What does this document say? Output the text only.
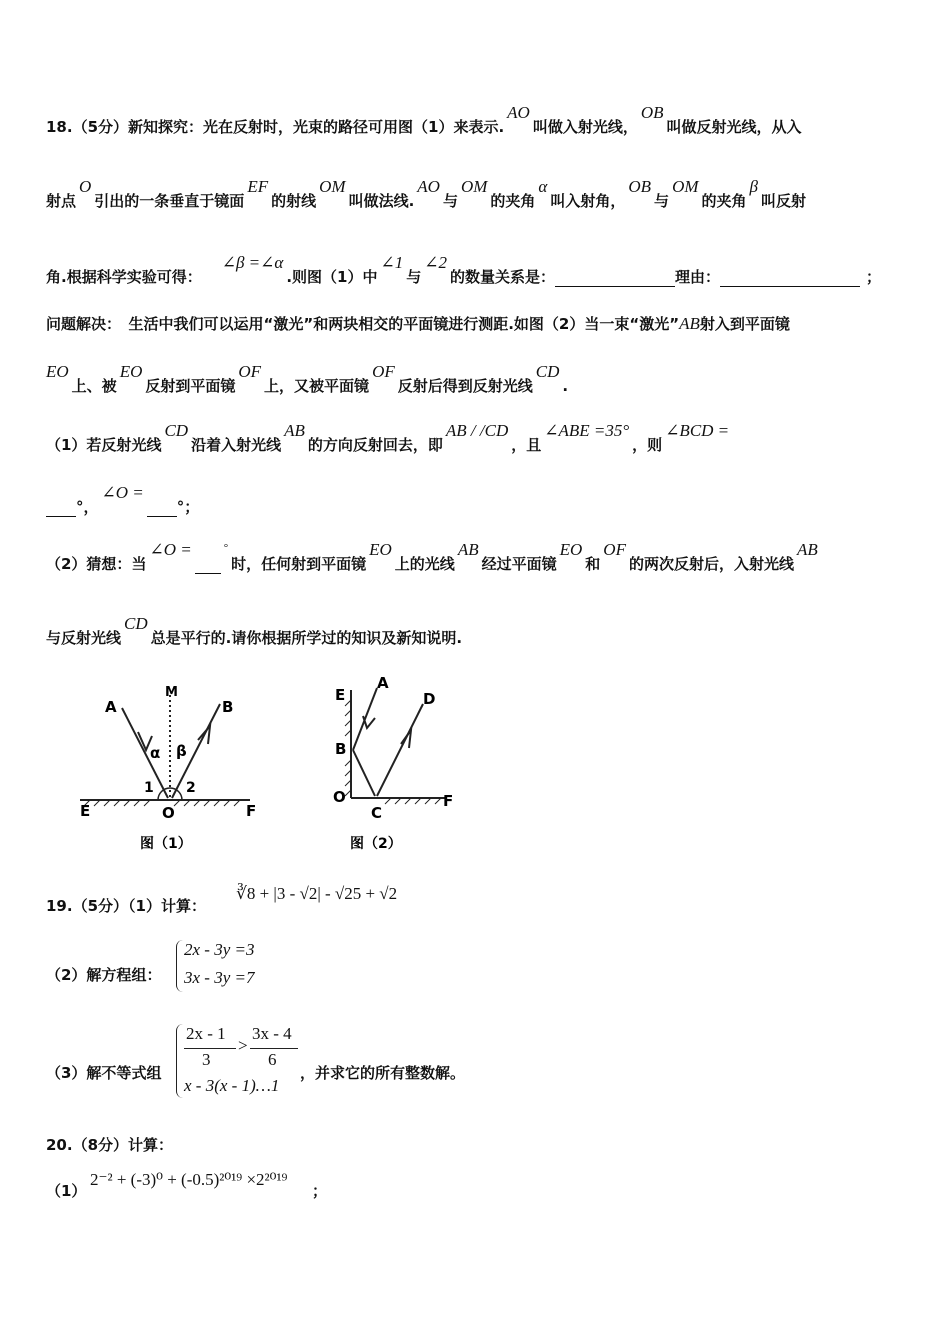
18.（5分）新知探究：光在反射时，光束的路径可用图（1）来表示.AO叫做入射光线，OB叫做反射光线，从入
射点O引出的一条垂直于镜面EF的射线OM叫做法线.AO与OM的夹角α叫入射角，OB与OM的夹角β叫反射
角.根据科学实验可得：∠β =∠α.则图（1）中∠1与∠2的数量关系是：	理由：	；
问题解决：　生活中我们可以运用“激光”和两块相交的平面镜进行测距.如图（2）当一束“激光”AB射入到平面镜
EO上、被EO反射到平面镜OF上，又被平面镜OF反射后得到反射光线CD.
（1）若反射光线CD沿着入射光线AB的方向反射回去，即AB / /CD，且∠ABE =35°，则∠BCD =
°，∠O =°；
（2）猜想：当∠O =	°时，任何射到平面镜EO上的光线AB经过平面镜EO和OF的两次反射后，入射光线AB
与反射光线CD总是平行的.请你根据所学过的知识及新知说明.
A	B
M
α β
1 2
E	F
O
图（1）
E
A
D
B
O
C
F
图（2）
19.（5分）（1）计算：
∛8 + |3 - √2| - √25 + √2
（2）解方程组：
2x - 3y =3
3x - 3y =7
（3）解不等式组
2x - 1
3
>
3x - 4
6
x - 3(x - 1)…1
，并求它的所有整数解。
20.（8分）计算：
（1）
2⁻² + (-3)⁰ + (-0.5)²⁰¹⁹ ×2²⁰¹⁹
；
